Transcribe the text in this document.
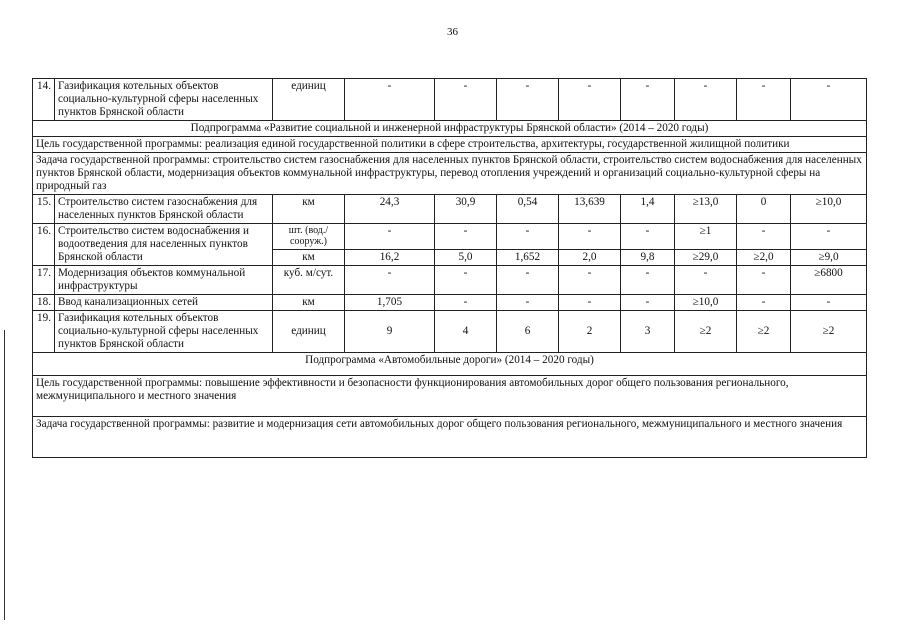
36
14.	Газификация котельных объектов социально-культурной сферы населенных пунктов Брянской области	единиц	-	-	-	-	-	-	-	-
Подпрограмма «Развитие социальной и инженерной инфраструктуры Брянской области» (2014 – 2020 годы)										
Цель государственной программы: реализация единой государственной политики в сфере строительства, архитектуры, государственной жилищной политики										
Задача государственной программы: строительство систем газоснабжения для населенных пунктов Брянской области, строительство систем водоснабжения для населенных пунктов Брянской области, модернизация объектов коммунальной инфраструктуры, перевод отопления учреждений и организаций социально-культурной сферы на природный газ										
15.	Строительство систем газоснабжения для населенных пунктов Брянской области	км	24,3	30,9	0,54	13,639	1,4	≥13,0	0	≥10,0
16.	Строительство систем водоснабжения и водоотведения для населенных пунктов Брянской области	шт. (вод./ сооруж.)	-	-	-	-	-	≥1	-	-
		км	16,2	5,0	1,652	2,0	9,8	≥29,0	≥2,0	≥9,0
17.	Модернизация объектов коммунальной инфраструктуры	куб. м/сут.	-	-	-	-	-	-	-	≥6800
18.	Ввод канализационных сетей	км	1,705	-	-	-	-	≥10,0	-	-
19.	Газификация котельных объектов социально-культурной сферы населенных пунктов Брянской области	единиц	9	4	6	2	3	≥2	≥2	≥2
Подпрограмма «Автомобильные дороги» (2014 – 2020 годы)										
Цель государственной программы: повышение эффективности и безопасности функционирования автомобильных дорог общего пользования регионального, межмуниципального и местного значения										
Задача государственной программы: развитие и модернизация сети автомобильных дорог общего пользования регионального, межмуниципального и местного значения										
